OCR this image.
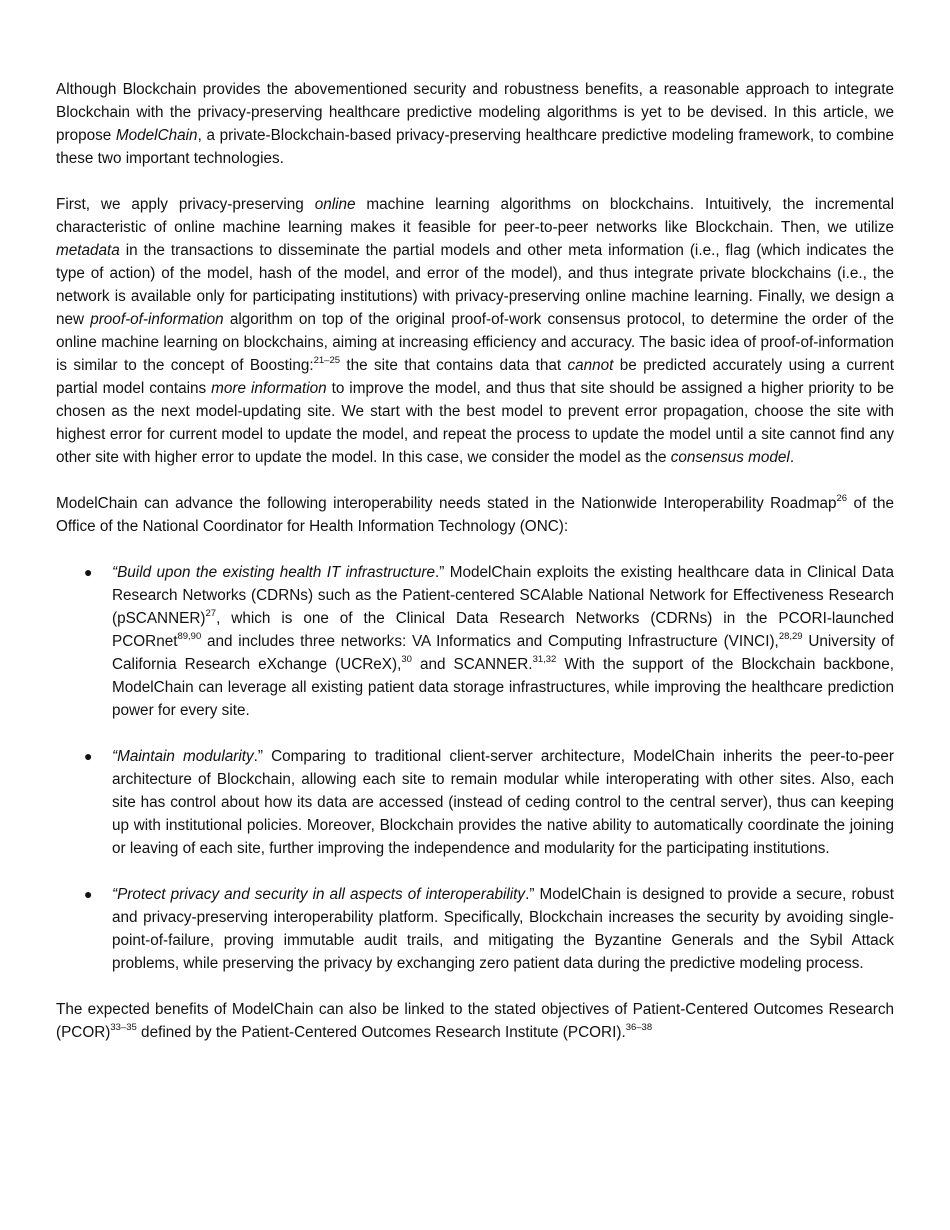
Although Blockchain provides the abovementioned security and robustness benefits, a reasonable approach to integrate Blockchain with the privacy-preserving healthcare predictive modeling algorithms is yet to be devised. In this article, we propose ModelChain, a private-Blockchain-based privacy-preserving healthcare predictive modeling framework, to combine these two important technologies.

First, we apply privacy-preserving online machine learning algorithms on blockchains. Intuitively, the incremental characteristic of online machine learning makes it feasible for peer-to-peer networks like Blockchain. Then, we utilize metadata in the transactions to disseminate the partial models and other meta information (i.e., flag (which indicates the type of action) of the model, hash of the model, and error of the model), and thus integrate private blockchains (i.e., the network is available only for participating institutions) with privacy-preserving online machine learning. Finally, we design a new proof-of-information algorithm on top of the original proof-of-work consensus protocol, to determine the order of the online machine learning on blockchains, aiming at increasing efficiency and accuracy. The basic idea of proof-of-information is similar to the concept of Boosting:$^{21-25}$ the site that contains data that cannot be predicted accurately using a current partial model contains more information to improve the model, and thus that site should be assigned a higher priority to be chosen as the next model-updating site. We start with the best model to prevent error propagation, choose the site with highest error for current model to update the model, and repeat the process to update the model until a site cannot find any other site with higher error to update the model. In this case, we consider the model as the consensus model.

ModelChain can advance the following interoperability needs stated in the Nationwide Interoperability Roadmap$^{26}$ of the Office of the National Coordinator for Health Information Technology (ONC):

● “Build upon the existing health IT infrastructure.” ModelChain exploits the existing healthcare data in Clinical Data Research Networks (CDRNs) such as the Patient-centered SCAlable National Network for Effectiveness Research (pSCANNER)$^{27}$, which is one of the Clinical Data Research Networks (CDRNs) in the PCORI-launched PCORnet$^{89,90}$ and includes three networks: VA Informatics and Computing Infrastructure (VINCI),$^{28,29}$ University of California Research eXchange (UCReX),$^{30}$ and SCANNER.$^{31,32}$ With the support of the Blockchain backbone, ModelChain can leverage all existing patient data storage infrastructures, while improving the healthcare prediction power for every site.
● “Maintain modularity.” Comparing to traditional client-server architecture, ModelChain inherits the peer-to-peer architecture of Blockchain, allowing each site to remain modular while interoperating with other sites. Also, each site has control about how its data are accessed (instead of ceding control to the central server), thus can keeping up with institutional policies. Moreover, Blockchain provides the native ability to automatically coordinate the joining or leaving of each site, further improving the independence and modularity for the participating institutions.
● “Protect privacy and security in all aspects of interoperability.” ModelChain is designed to provide a secure, robust and privacy-preserving interoperability platform. Specifically, Blockchain increases the security by avoiding single-point-of-failure, proving immutable audit trails, and mitigating the Byzantine Generals and the Sybil Attack problems, while preserving the privacy by exchanging zero patient data during the predictive modeling process.

The expected benefits of ModelChain can also be linked to the stated objectives of Patient-Centered Outcomes Research (PCOR)$^{33-35}$ defined by the Patient-Centered Outcomes Research Institute (PCORI).$^{36-38}$
